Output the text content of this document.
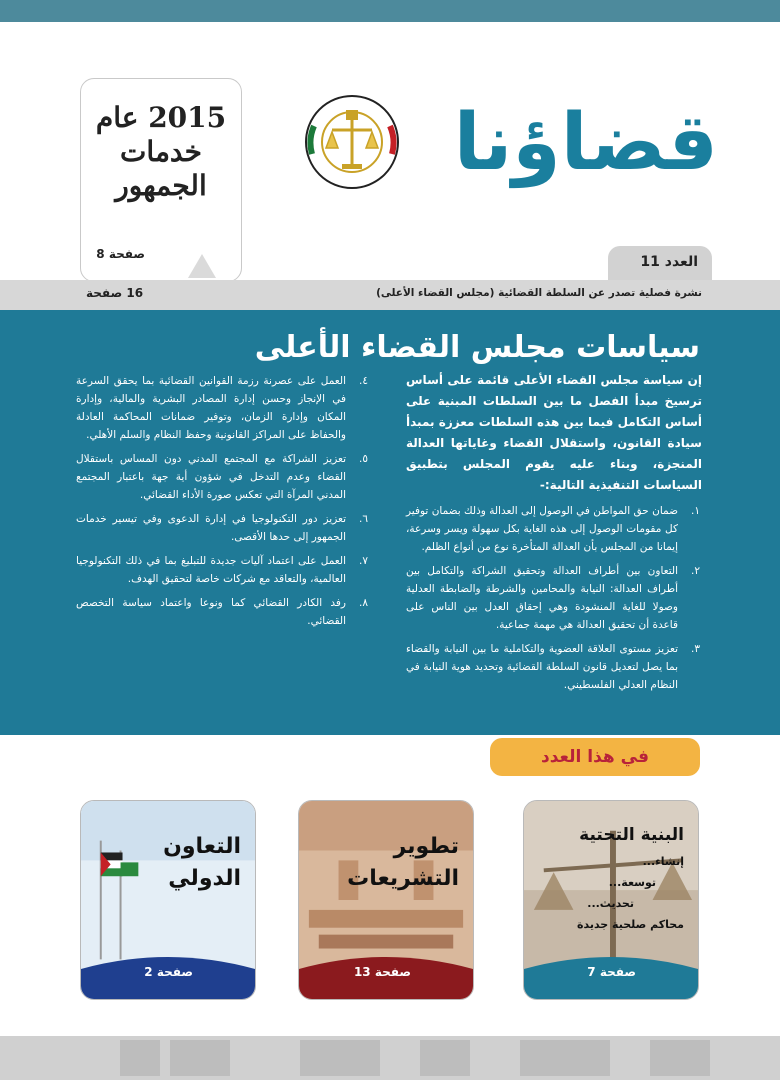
قضاؤنا
2015 عام
خدمات
الجمهور
صفحة 8	العدد 11
نشرة فصلية تصدر عن السلطة القضائية (مجلس القضاء الأعلى)
16 صفحة
سياسات مجلس القضاء الأعلى

إن سياسة مجلس القضاء الأعلى قائمة على أساس ترسيخ مبدأ الفصل ما بين السلطات المبنية على أساس التكامل فيما بين هذه السلطات معززة بمبدأ سيادة القانون، واستقلال القضاء وغاياتها العدالة المنجزة، وبناء عليه يقوم المجلس بتطبيق السياسات التنفيذية التالية:-

١.
ضمان حق المواطن في الوصول إلى العدالة وذلك بضمان توفير كل مقومات الوصول إلى هذه الغاية بكل سهولة ويسر وسرعة، إيمانا من المجلس بأن العدالة المتأخرة نوع من أنواع الظلم.
٢.
التعاون بين أطراف العدالة وتحقيق الشراكة والتكامل بين أطراف العدالة: النيابة والمحامين والشرطة والضابطة العدلية وصولا للغاية المنشودة وهي إحقاق العدل بين الناس على قاعدة أن تحقيق العدالة هي مهمة جماعية.
٣.
تعزيز مستوى العلاقة العضوية والتكاملية ما بين النيابة والقضاء بما يصل لتعديل قانون السلطة القضائية وتحديد هوية النيابة في النظام العدلي الفلسطيني.
٤.
العمل على عصرنة رزمة القوانين القضائية بما يحقق السرعة في الإنجاز وحسن إدارة المصادر البشرية والمالية، وإدارة المكان وإدارة الزمان، وتوفير ضمانات المحاكمة العادلة والحفاظ على المراكز القانونية وحفظ النظام والسلم الأهلي.
٥.
تعزيز الشراكة مع المجتمع المدني دون المساس باستقلال القضاء وعدم التدخل في شؤون أية جهة باعتبار المجتمع المدني المرآة التي تعكس صورة الأداء القضائي.
٦.
تعزيز دور التكنولوجيا في إدارة الدعوى وفي تيسير خدمات الجمهور إلى حدها الأقصى.
٧.
العمل على اعتماد آليات جديدة للتبليغ بما في ذلك التكنولوجيا العالمية، والتعاقد مع شركات خاصة لتحقيق الهدف.
٨.
رفد الكادر القضائي كما ونوعا واعتماد سياسة التخصص القضائي.
في هذا العدد
البنية التحتية
إنشاء...
توسعة...
تحديث...
محاكم صلحية جديدة
صفحة 7
تطوير
التشريعات
صفحة 13
التعاون
الدولي
صفحة 2
